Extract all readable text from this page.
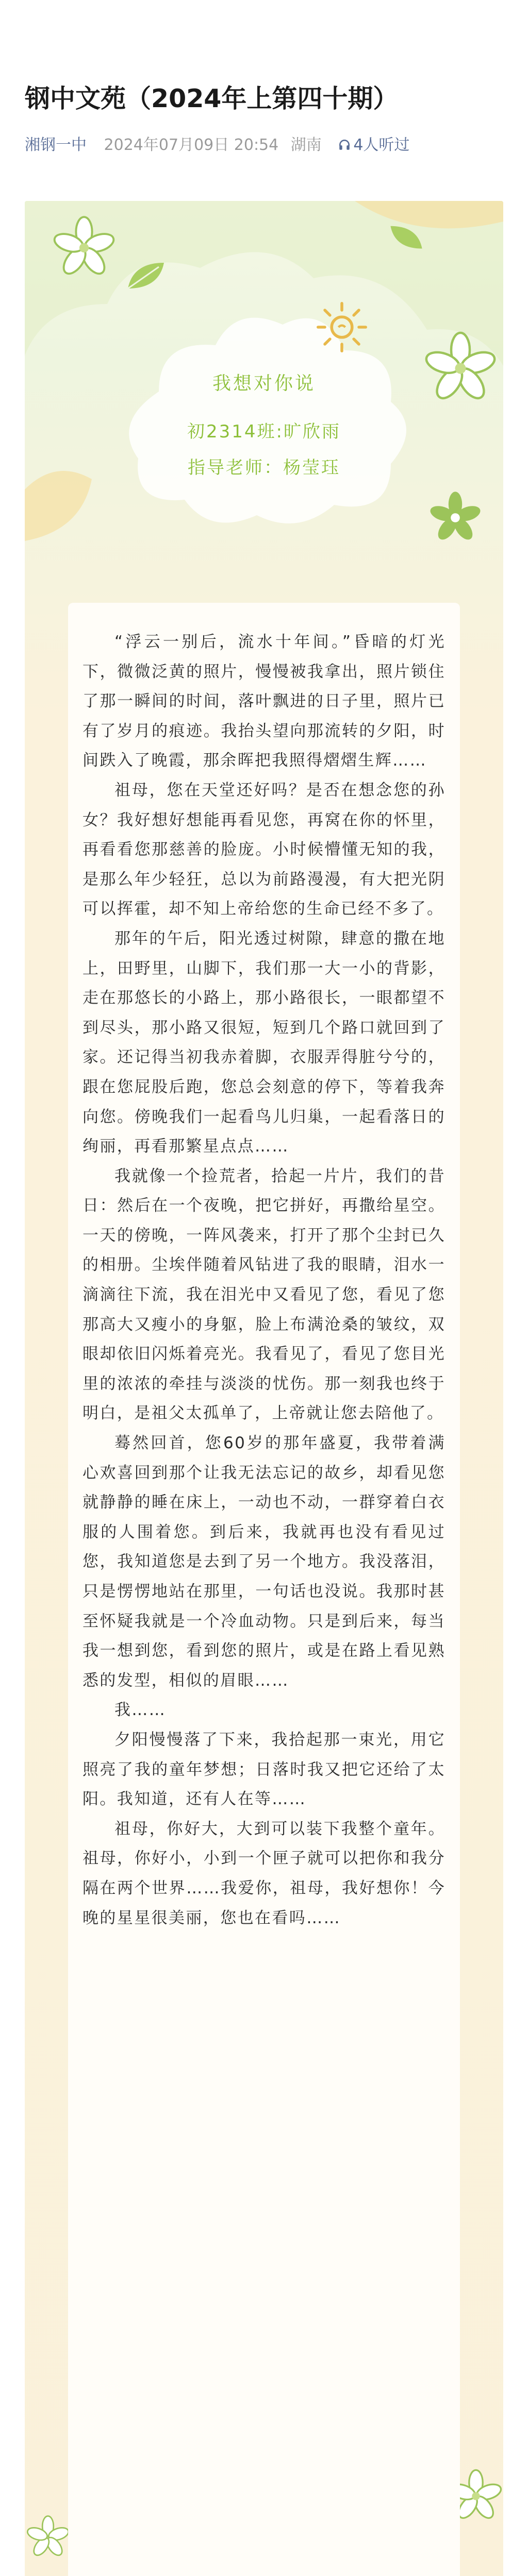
钢中文苑（2024年上第四十期）
湘钢一中 2024年07月09日 20:54 湖南 4人听过
我想对你说
初2314班:旷欣雨
指导老师：杨莹珏

“浮云一别后，流水十年间。”昏暗的灯光下，微微泛黄的照片，慢慢被我拿出，照片锁住了那一瞬间的时间，落叶飘进的日子里，照片已有了岁月的痕迹。我抬头望向那流转的夕阳，时间跌入了晚霞，那余晖把我照得熠熠生辉……

祖母，您在天堂还好吗？是否在想念您的孙女？我好想好想能再看见您，再窝在你的怀里，再看看您那慈善的脸庞。小时候懵懂无知的我，是那么年少轻狂，总以为前路漫漫，有大把光阴可以挥霍，却不知上帝给您的生命已经不多了。

那年的午后，阳光透过树隙，肆意的撒在地上，田野里，山脚下，我们那一大一小的背影，走在那悠长的小路上，那小路很长，一眼都望不到尽头，那小路又很短，短到几个路口就回到了家。还记得当初我赤着脚，衣服弄得脏兮兮的，跟在您屁股后跑，您总会刻意的停下，等着我奔向您。傍晚我们一起看鸟儿归巢，一起看落日的绚丽，再看那繁星点点……

我就像一个捡荒者，拾起一片片，我们的昔日：然后在一个夜晚，把它拼好，再撒给星空。一天的傍晚，一阵风袭来，打开了那个尘封已久的相册。尘埃伴随着风钻进了我的眼睛，泪水一滴滴往下流，我在泪光中又看见了您，看见了您那高大又瘦小的身躯，脸上布满沧桑的皱纹，双眼却依旧闪烁着亮光。我看见了，看见了您目光里的浓浓的牵挂与淡淡的忧伤。那一刻我也终于明白，是祖父太孤单了，上帝就让您去陪他了。

蓦然回首，您60岁的那年盛夏，我带着满心欢喜回到那个让我无法忘记的故乡，却看见您就静静的睡在床上，一动也不动，一群穿着白衣服的人围着您。到后来，我就再也没有看见过您，我知道您是去到了另一个地方。我没落泪，只是愣愣地站在那里，一句话也没说。我那时甚至怀疑我就是一个冷血动物。只是到后来，每当我一想到您，看到您的照片，或是在路上看见熟悉的发型，相似的眉眼……

我……

夕阳慢慢落了下来，我拾起那一束光，用它照亮了我的童年梦想；日落时我又把它还给了太阳。我知道，还有人在等……

祖母，你好大，大到可以装下我整个童年。祖母，你好小，小到一个匣子就可以把你和我分隔在两个世界……我爱你，祖母，我好想你！今晚的星星很美丽，您也在看吗……
